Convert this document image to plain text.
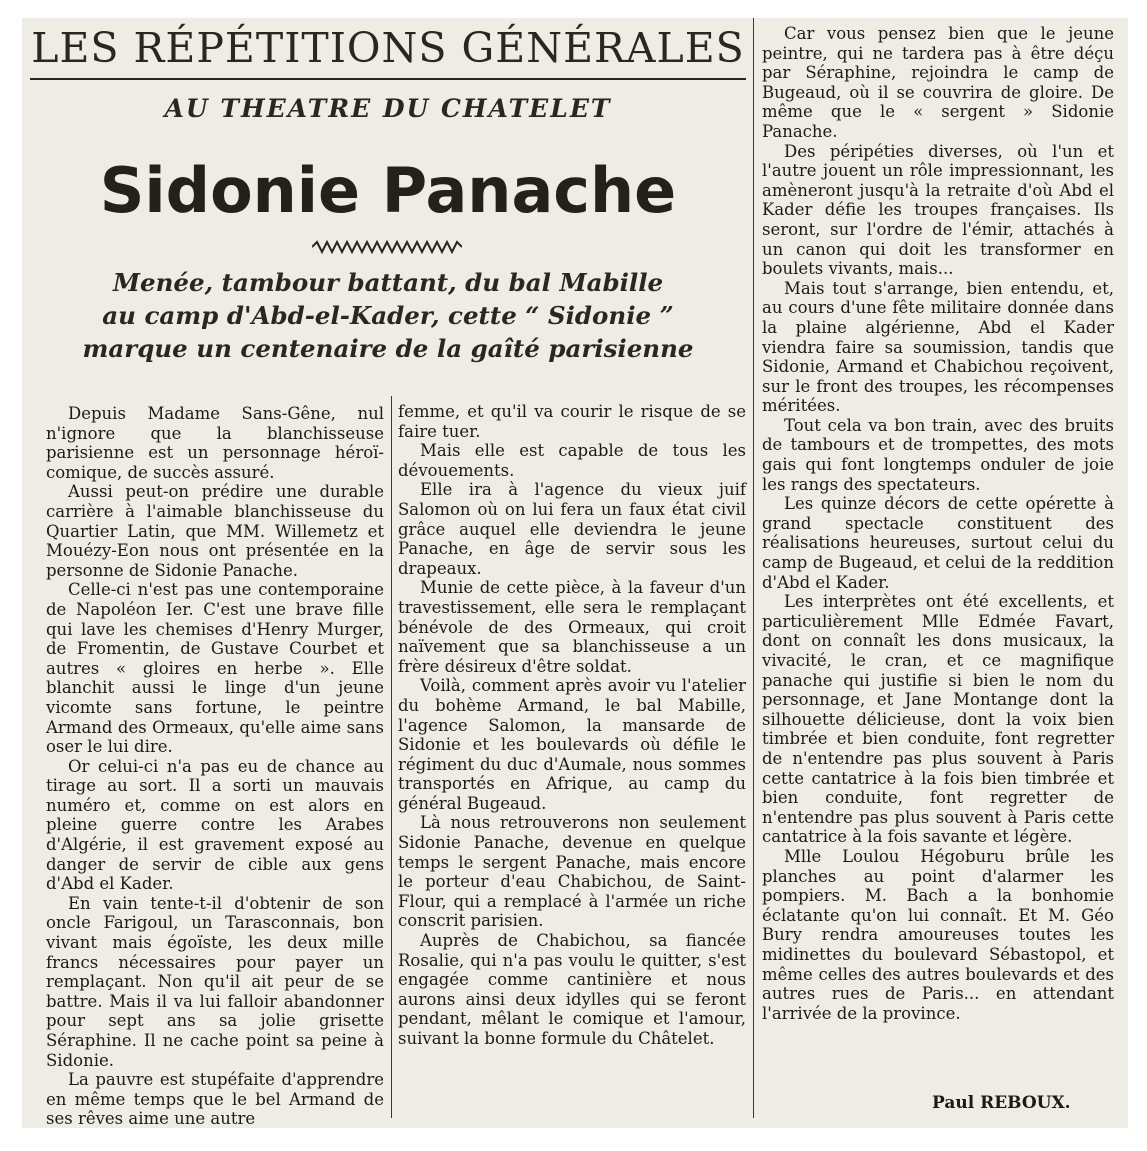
LES RÉPÉTITIONS GÉNÉRALES
AU THEATRE DU CHATELET
Sidonie Panache
Menée, tambour battant, du bal Mabille
au camp d'Abd-el-Kader, cette “ Sidonie ”
marque un centenaire de la gaîté parisienne

Depuis Madame Sans-Gêne, nul n'ignore que la blanchisseuse parisienne est un personnage héroï-comique, de succès assuré.

Aussi peut-on prédire une durable carrière à l'aimable blanchisseuse du Quartier Latin, que MM. Willemetz et Mouézy-Eon nous ont présentée en la personne de Sidonie Panache.

Celle-ci n'est pas une contemporaine de Napoléon Ier. C'est une brave fille qui lave les chemises d'Henry Murger, de Fromentin, de Gustave Courbet et autres « gloires en herbe ». Elle blanchit aussi le linge d'un jeune vicomte sans fortune, le peintre Armand des Ormeaux, qu'elle aime sans oser le lui dire.

Or celui-ci n'a pas eu de chance au tirage au sort. Il a sorti un mauvais numéro et, comme on est alors en pleine guerre contre les Arabes d'Algérie, il est gravement exposé au danger de servir de cible aux gens d'Abd el Kader.

En vain tente-t-il d'obtenir de son oncle Farigoul, un Tarasconnais, bon vivant mais égoïste, les deux mille francs nécessaires pour payer un remplaçant. Non qu'il ait peur de se battre. Mais il va lui falloir abandonner pour sept ans sa jolie grisette Séraphine. Il ne cache point sa peine à Sidonie.

La pauvre est stupéfaite d'apprendre en même temps que le bel Armand de ses rêves aime une autre

femme, et qu'il va courir le risque de se faire tuer.

Mais elle est capable de tous les dévouements.

Elle ira à l'agence du vieux juif Salomon où on lui fera un faux état civil grâce auquel elle deviendra le jeune Panache, en âge de servir sous les drapeaux.

Munie de cette pièce, à la faveur d'un travestissement, elle sera le remplaçant bénévole de des Ormeaux, qui croit naïvement que sa blanchisseuse a un frère désireux d'être soldat.

Voilà, comment après avoir vu l'atelier du bohème Armand, le bal Mabille, l'agence Salomon, la mansarde de Sidonie et les boulevards où défile le régiment du duc d'Aumale, nous sommes transportés en Afrique, au camp du général Bugeaud.

Là nous retrouverons non seulement Sidonie Panache, devenue en quelque temps le sergent Panache, mais encore le porteur d'eau Chabichou, de Saint-Flour, qui a remplacé à l'armée un riche conscrit parisien.

Auprès de Chabichou, sa fiancée Rosalie, qui n'a pas voulu le quitter, s'est engagée comme cantinière et nous aurons ainsi deux idylles qui se feront pendant, mêlant le comique et l'amour, suivant la bonne formule du Châtelet.

Car vous pensez bien que le jeune peintre, qui ne tardera pas à être déçu par Séraphine, rejoindra le camp de Bugeaud, où il se couvrira de gloire. De même que le « sergent » Sidonie Panache.

Des péripéties diverses, où l'un et l'autre jouent un rôle impressionnant, les amèneront jusqu'à la retraite d'où Abd el Kader défie les troupes françaises. Ils seront, sur l'ordre de l'émir, attachés à un canon qui doit les transformer en boulets vivants, mais...

Mais tout s'arrange, bien entendu, et, au cours d'une fête militaire donnée dans la plaine algérienne, Abd el Kader viendra faire sa soumission, tandis que Sidonie, Armand et Chabichou reçoivent, sur le front des troupes, les récompenses méritées.

Tout cela va bon train, avec des bruits de tambours et de trompettes, des mots gais qui font longtemps onduler de joie les rangs des spectateurs.

Les quinze décors de cette opérette à grand spectacle constituent des réalisations heureuses, surtout celui du camp de Bugeaud, et celui de la reddition d'Abd el Kader.

Les interprètes ont été excellents, et particulièrement Mlle Edmée Favart, dont on connaît les dons musicaux, la vivacité, le cran, et ce magnifique panache qui justifie si bien le nom du personnage, et Jane Montange dont la silhouette délicieuse, dont la voix bien timbrée et bien conduite, font regretter de n'entendre pas plus souvent à Paris cette cantatrice à la fois bien timbrée et bien conduite, font regretter de n'entendre pas plus souvent à Paris cette cantatrice à la fois savante et légère.

Mlle Loulou Hégoburu brûle les planches au point d'alarmer les pompiers. M. Bach a la bonhomie éclatante qu'on lui connaît. Et M. Géo Bury rendra amoureuses toutes les midinettes du boulevard Sébastopol, et même celles des autres boulevards et des autres rues de Paris... en attendant l'arrivée de la province.

Paul REBOUX.
